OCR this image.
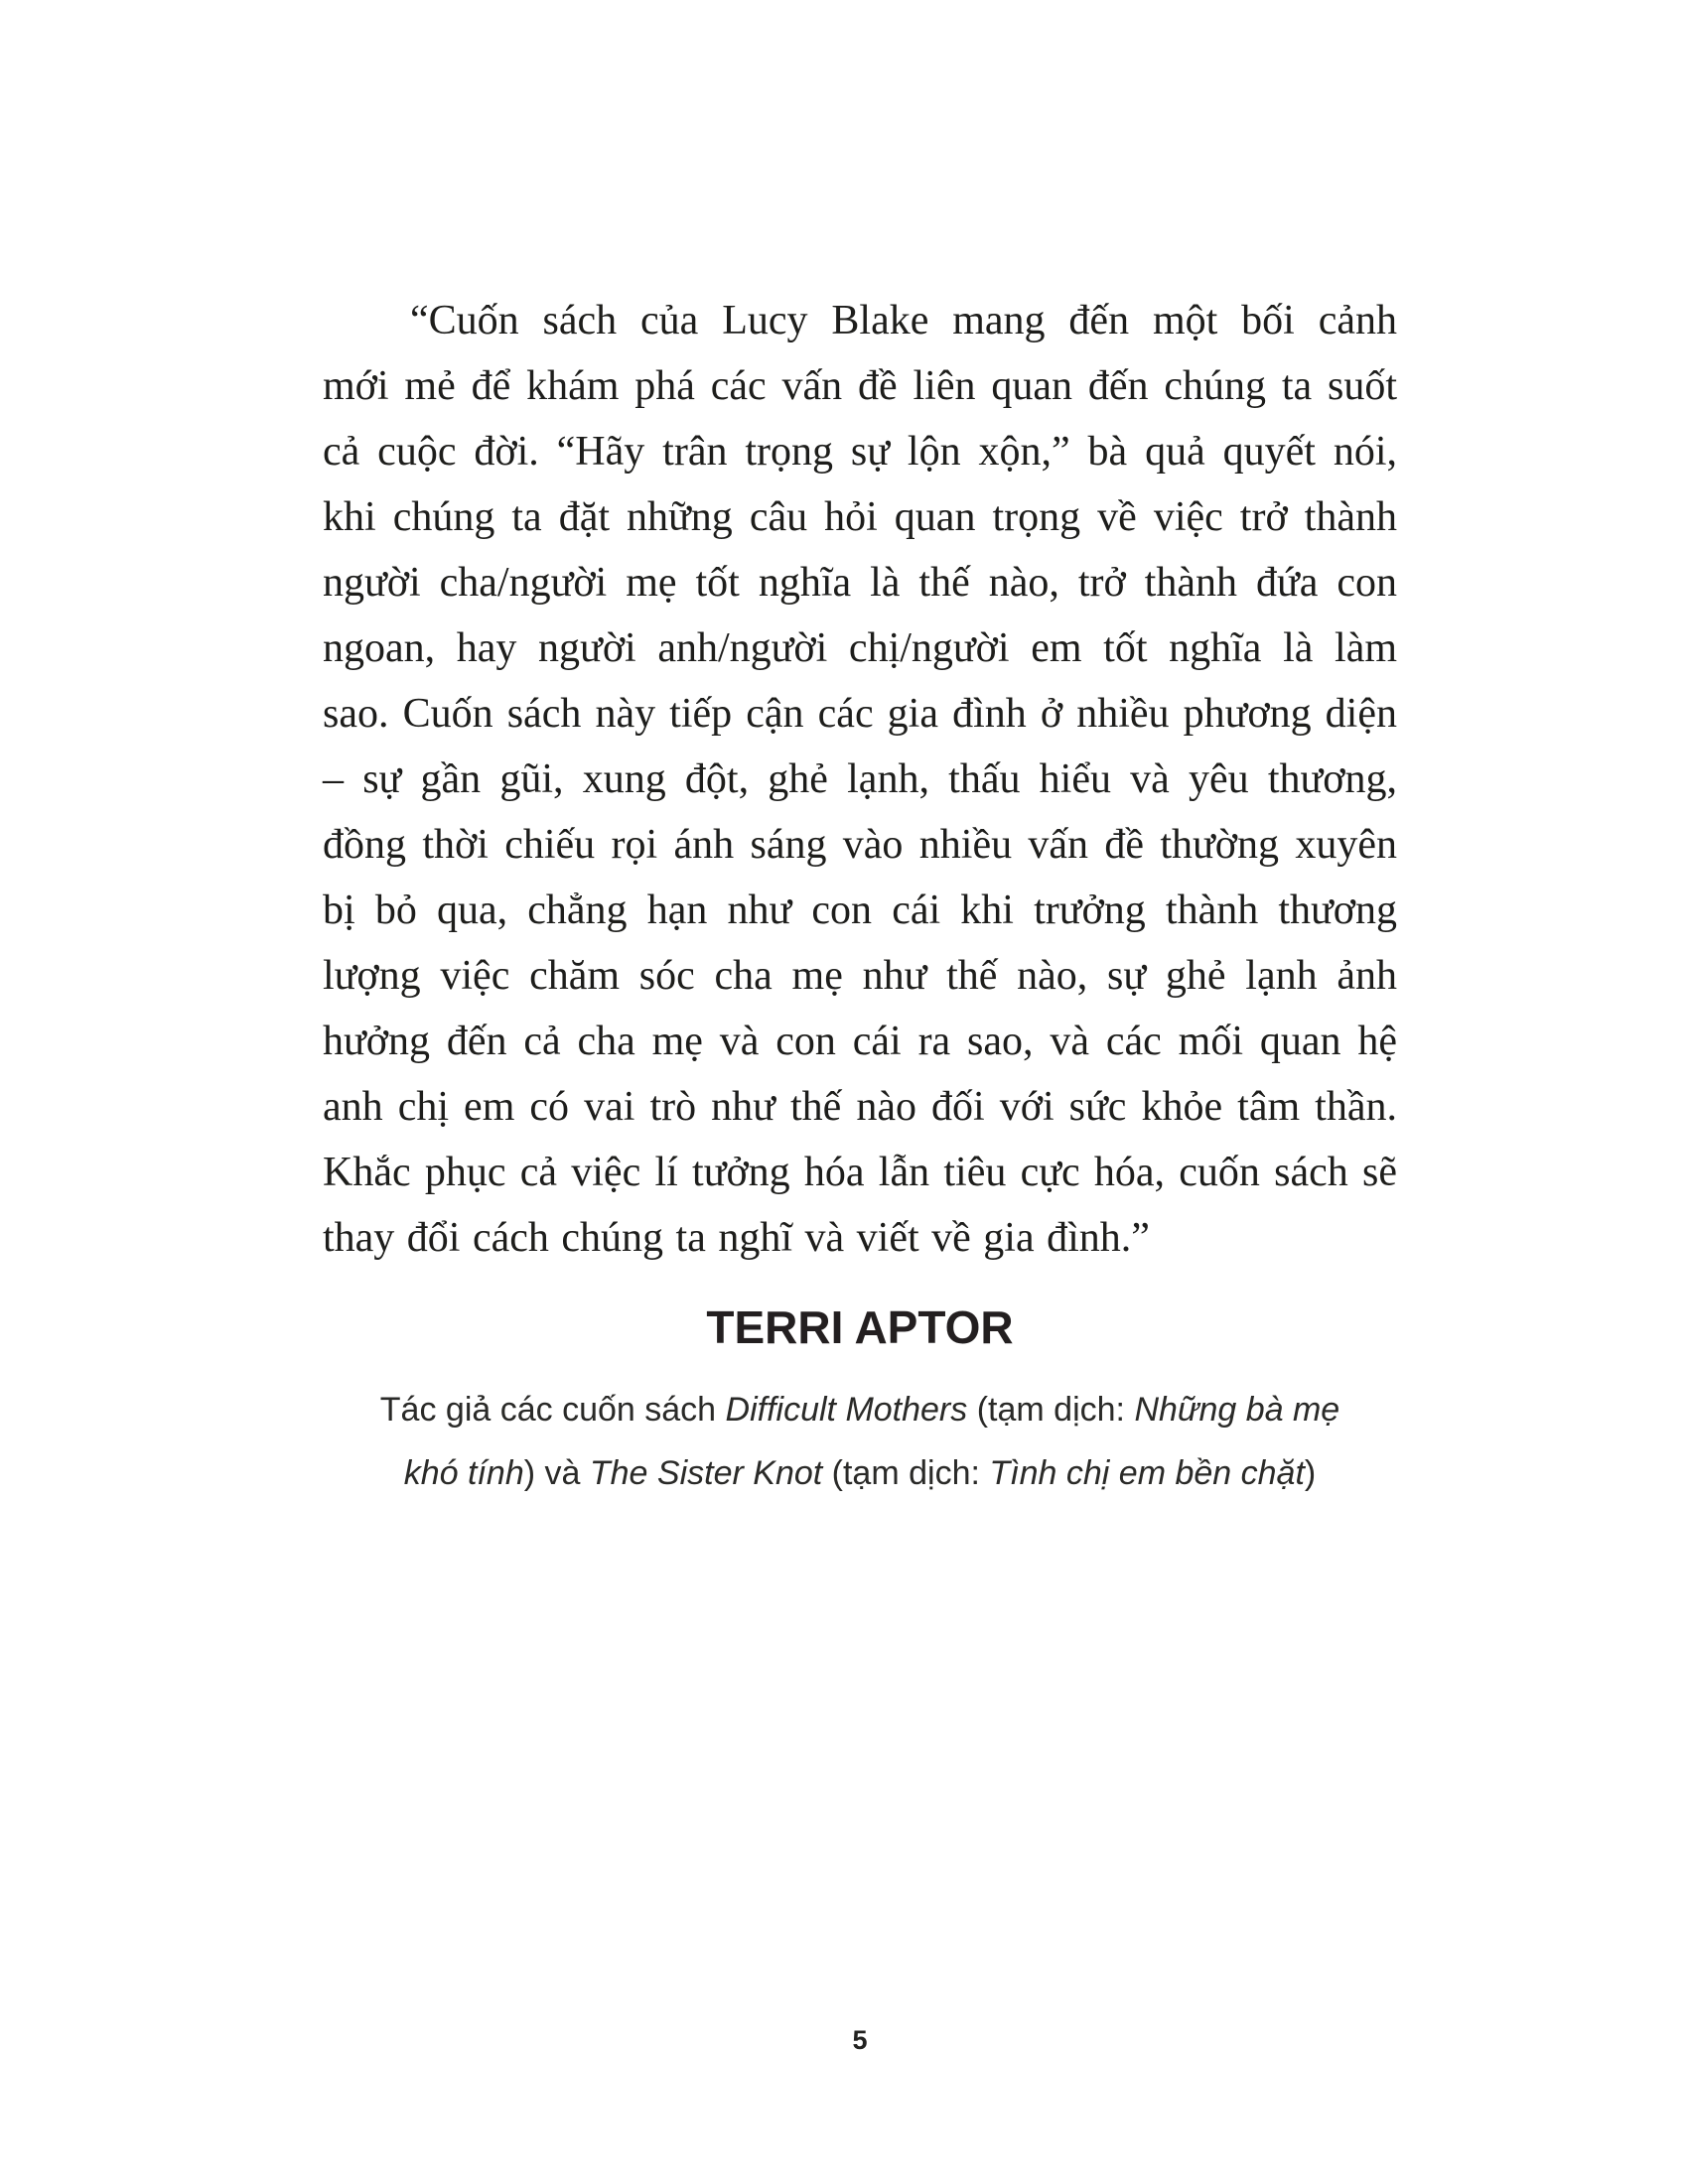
“Cuốn sách của Lucy Blake mang đến một bối cảnh
mới mẻ để khám phá các vấn đề liên quan đến chúng ta suốt
cả cuộc đời. “Hãy trân trọng sự lộn xộn,” bà quả quyết nói,
khi chúng ta đặt những câu hỏi quan trọng về việc trở thành
người cha/người mẹ tốt nghĩa là thế nào, trở thành đứa con
ngoan, hay người anh/người chị/người em tốt nghĩa là làm
sao. Cuốn sách này tiếp cận các gia đình ở nhiều phương diện
– sự gần gũi, xung đột, ghẻ lạnh, thấu hiểu và yêu thương,
đồng thời chiếu rọi ánh sáng vào nhiều vấn đề thường xuyên
bị bỏ qua, chẳng hạn như con cái khi trưởng thành thương
lượng việc chăm sóc cha mẹ như thế nào, sự ghẻ lạnh ảnh
hưởng đến cả cha mẹ và con cái ra sao, và các mối quan hệ
anh chị em có vai trò như thế nào đối với sức khỏe tâm thần.
Khắc phục cả việc lí tưởng hóa lẫn tiêu cực hóa, cuốn sách sẽ
thay đổi cách chúng ta nghĩ và viết về gia đình.”
TERRI APTOR
Tác giả các cuốn sách Difficult Mothers (tạm dịch: Những bà mẹ
khó tính) và The Sister Knot (tạm dịch: Tình chị em bền chặt)
5
